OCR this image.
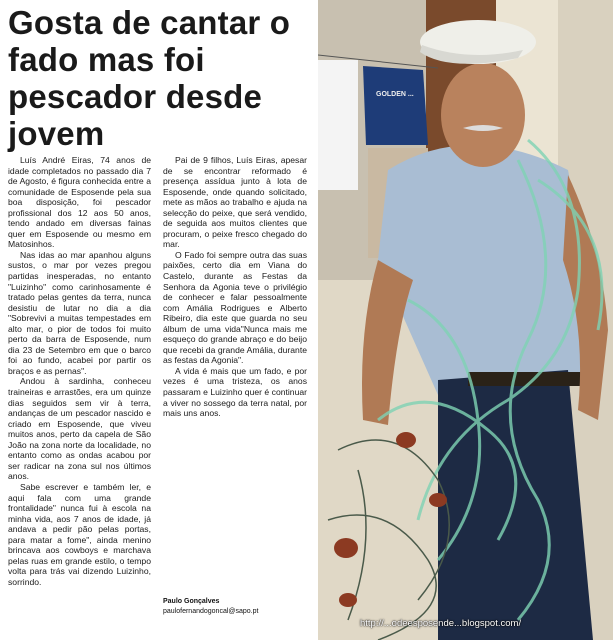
Gosta de cantar o fado mas foi pescador desde jovem

Luís André Eiras, 74 anos de idade completados no passado dia 7 de Agosto, é figura conhecida entre a comunidade de Esposende pela sua boa disposição, foi pescador profissional dos 12 aos 50 anos, tendo andado em diversas fainas quer em Esposende ou mesmo em Matosinhos.

Nas idas ao mar apanhou alguns sustos, o mar por vezes pregou partidas inesperadas, no entanto "Luizinho" como carinhosamente é tratado pelas gentes da terra, nunca desistiu de lutar no dia a dia "Sobrevivi a muitas tempestades em alto mar, o pior de todos foi muito perto da barra de Esposende, num dia 23 de Setembro em que o barco foi ao fundo, acabei por partir os braços e as pernas".

Andou à sardinha, conheceu traineiras e arrastões, era um quinze dias seguidos sem vir à terra, andanças de um pescador nascido e criado em Esposende, que viveu muitos anos, perto da capela de São João na zona norte da localidade, no entanto como as ondas acabou por ser radicar na zona sul nos últimos anos.

Sabe escrever e também ler, e aqui fala com uma grande frontalidade" nunca fui à escola na minha vida, aos 7 anos de idade, já andava a pedir pão pelas portas, para matar a fome", ainda menino brincava aos cowboys e marchava pelas ruas em grande estilo, o tempo volta para trás vai dizendo Luizinho, sorrindo.

Pai de 9 filhos, Luís Eiras, apesar de se encontrar reformado é presença assídua junto à lota de Esposende, onde quando solicitado, mete as mãos ao trabalho e ajuda na selecção do peixe, que será vendido, de seguida aos muitos clientes que procuram, o peixe fresco chegado do mar.

O Fado foi sempre outra das suas paixões, certo dia em Viana do Castelo, durante as Festas da Senhora da Agonia teve o privilégio de conhecer e falar pessoalmente com Amália Rodrigues e Alberto Ribeiro, dia este que guarda no seu álbum de uma vida"Nunca mais me esqueço do grande abraço e do beijo que recebi da grande Amália, durante as festas da Agonia".

A vida é mais que um fado, e por vezes é uma tristeza, os anos passaram e Luizinho quer é continuar a viver no sossego da terra natal, por mais uns anos.

Paulo Gonçalves
paulofernandogoncal@sapo.pt
GOLDEN ...
http://...odeesposende...blogspot.com/
